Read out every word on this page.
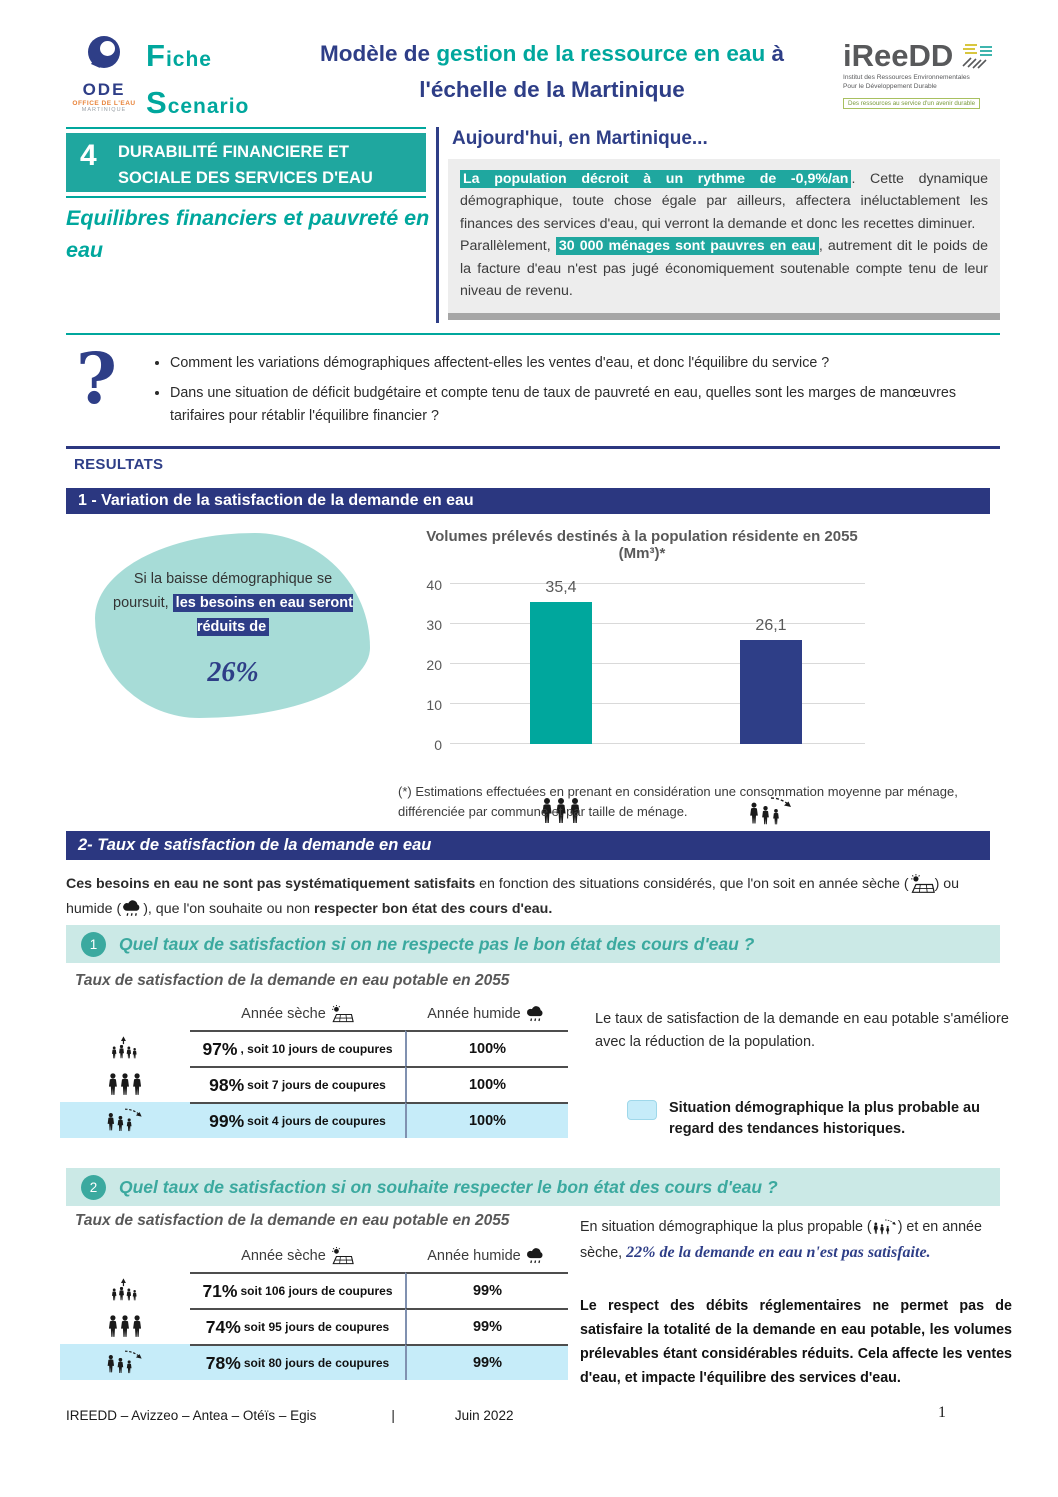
ODE
OFFICE DE L'EAU
MARTINIQUE
Fiche
Scenario
Modèle de gestion de la ressource en eau à
l'échelle de la Martinique
iReeDD
Institut des Ressources Environnementales
Pour le Développement Durable
Des ressources au service d'un avenir durable
4	DURABILITÉ FINANCIERE ET
SOCIALE DES SERVICES D'EAU
Equilibres financiers et pauvreté en eau
Aujourd'hui, en Martinique...
La population décroit à un rythme de -0,9%/an . Cette dynamique démographique, toute chose égale par ailleurs, affectera inéluctablement les finances des services d'eau, qui verront la demande et donc les recettes diminuer.
Parallèlement, 30 000 ménages sont pauvres en eau , autrement dit le poids de la facture d'eau n'est pas jugé économiquement soutenable compte tenu de leur niveau de revenu.
?	• Comment les variations démographiques affectent-elles les ventes d'eau, et donc l'équilibre du service ?
• Dans une situation de déficit budgétaire et compte tenu de taux de pauvreté en eau, quelles sont les marges de manœuvres tarifaires pour rétablir l'équilibre financier ?
RESULTATS
1 - Variation de la satisfaction de la demande en eau
Si la baisse démographique se poursuit, les besoins en eau seront réduits de
26%
Volumes prélevés destinés à la population résidente en 2055 (Mm³)*
35,4
26,1
0
10
20
30
40
(*) Estimations effectuées en prenant en considération une consommation moyenne par ménage, différenciée par commune et par taille de ménage.
2- Taux de satisfaction de la demande en eau
Ces besoins en eau ne sont pas systématiquement satisfaits en fonction des situations considérés, que l'on soit en année sèche ( ) ou humide ( ), que l'on souhaite ou non respecter bon état des cours d'eau.
1	Quel taux de satisfaction si on ne respecte pas le bon état des cours d'eau ?
Taux de satisfaction de la demande en eau potable en 2055
Année sèche
	Année humide

97% , soit 10 jours de coupures	100%
98% soit 7 jours de coupures	100%
99% soit 4 jours de coupures	100%
Le taux de satisfaction de la demande en eau potable s'améliore avec la réduction de la population.
Situation démographique la plus probable au regard des tendances historiques.
2	Quel taux de satisfaction si on souhaite respecter le bon état des cours d'eau ?
Taux de satisfaction de la demande en eau potable en 2055
Année sèche
	Année humide

71% soit 106 jours de coupures	99%
74% soit 95 jours de coupures	99%
78% soit 80 jours de coupures	99%
En situation démographique la plus propable ( ) et en année sèche, 22% de la demande en eau n'est pas satisfaite.
Le respect des débits réglementaires ne permet pas de satisfaire la totalité de la demande en eau potable, les volumes prélevables étant considérables réduits. Cela affecte les ventes d'eau, et impacte l'équilibre des services d'eau.
IREEDD – Avizzeo – Antea – Otéïs – Egis	|	Juin 2022	1
